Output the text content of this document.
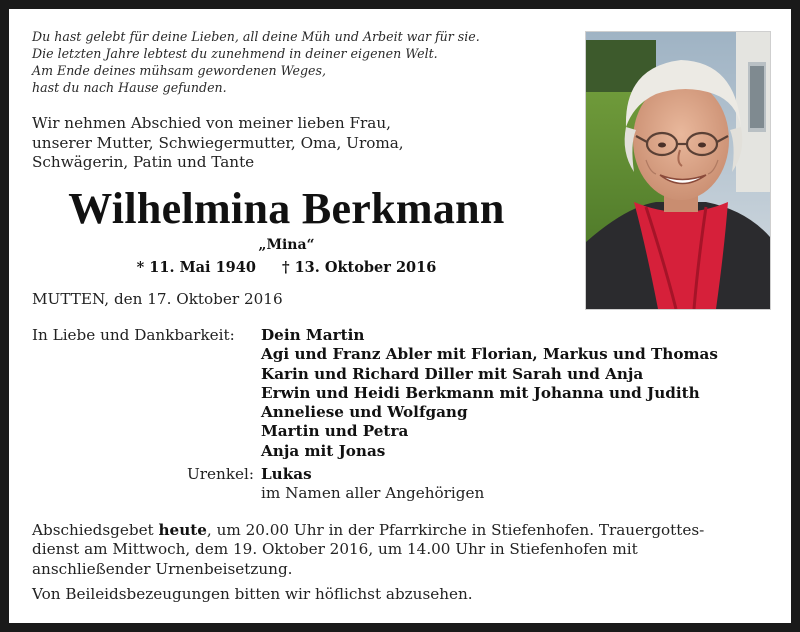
Du hast gelebt für deine Lieben, all deine Müh und Arbeit war für sie.
Die letzten Jahre lebtest du zunehmend in deiner eigenen Welt.
Am Ende deines mühsam gewordenen Weges,
hast du nach Hause gefunden.
Wir nehmen Abschied von meiner lieben Frau,
unserer Mutter, Schwiegermutter, Oma, Uroma,
Schwägerin, Patin und Tante
Wilhelmina Berkmann
„Mina“
* 11. Mai 1940 † 13. Oktober 2016
MUTTEN, den 17. Oktober 2016
In Liebe und Dankbarkeit: Dein Martin
Agi und Franz Abler mit Florian, Markus und Thomas
Karin und Richard Diller mit Sarah und Anja
Erwin und Heidi Berkmann mit Johanna und Judith
Anneliese und Wolfgang
Martin und Petra
Anja mit Jonas
Urenkel: Lukas
im Namen aller Angehörigen
Abschiedsgebet heute, um 20.00 Uhr in der Pfarrkirche in Stiefenhofen. Trauergottes-
dienst am Mittwoch, dem 19. Oktober 2016, um 14.00 Uhr in Stiefenhofen mit
anschließender Urnenbeisetzung.
Von Beileidsbezeugungen bitten wir höflichst abzusehen.
